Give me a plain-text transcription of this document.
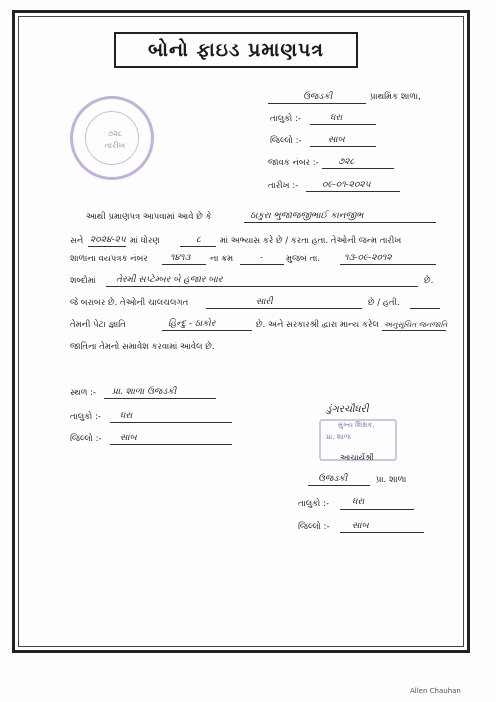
બોનો ફાઇડ પ્રમાણપત્ર
ઉજડકી	પ્રાથમિક શાળા,
તાલુકો :-	ધરા
જિલ્લો :-	સાબ
જાવક નંબર :- ૭૨૮
તારીખ :-	૦૯-૦૧-૨૦૨૫
૭૨૮
તારીખ
આથી પ્રમાણપત્ર આપવામાં આવે છે કે	ઠાકુરા ભુજાજજીભાઈ કાનજીભ
સને ૨૦૨૪-૨૫ માં ધોરણ	૮ માં અભ્યાસ કરે છે / કરતા હતા. તેઓની જન્મ તારીખ
શાળાના વયપત્રક નંબર ૧૪૧૩ ના ક્રમ	-	મુજબ તા.	૧૩-૦૯-૨૦૧૨
શબ્દોમાં તેરમી સપ્ટેમ્બર બે હજાર બાર	છે.
જે બરાબર છે. તેઓની ચાલચલગત	સારી	છે / હતી.
તેમની પેટા જ્ઞાતિ	હિન્દુ - ઠાકોર	છે. અને સરકારશ્રી દ્વારા માન્ય કરેલ અનુસૂચિત જનજાતિ
જાતિના તેમનો સમાવેશ કરવામાં આવેલ છે.
સ્થળ :- પ્રા. શાળા ઉજડકી
તાલુકો :- ધરા
જિલ્લો :- સાબ
ડુંગરચૌધરી
મુખ્ય શિક્ષક,
પ્રા. શાળા
આચાર્યશ્રી
ઉજડકી	પ્રા. શાળા
તાલુકો :-	ધરા
જિલ્લો :- સાબ
Allen Chauhan
